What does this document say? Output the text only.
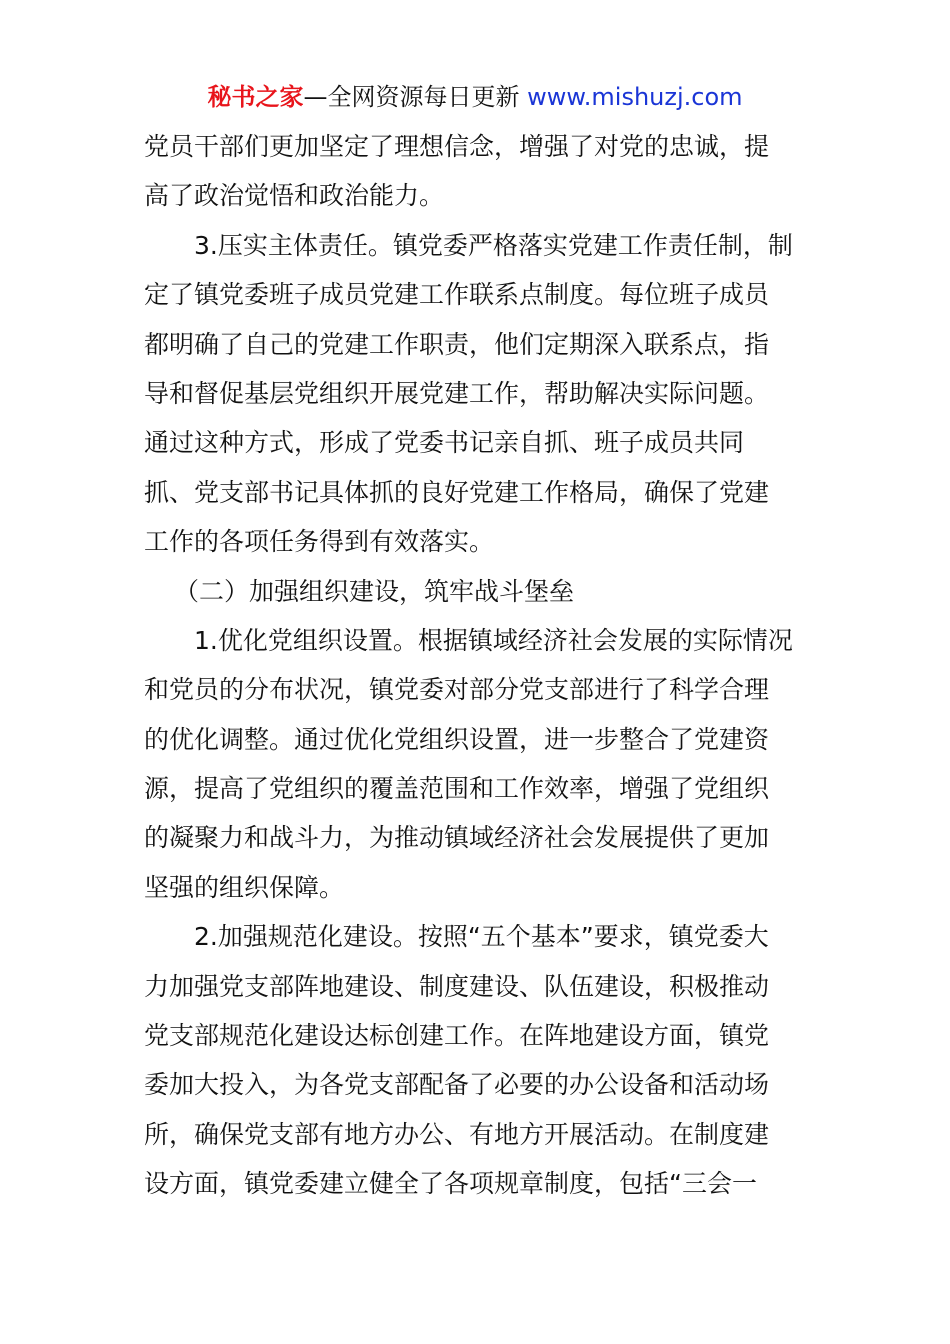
秘书之家—全网资源每日更新 www.mishuzj.com
党员干部们更加坚定了理想信念，增强了对党的忠诚，提
高了政治觉悟和政治能力。
3.压实主体责任。镇党委严格落实党建工作责任制，制
定了镇党委班子成员党建工作联系点制度。每位班子成员
都明确了自己的党建工作职责，他们定期深入联系点，指
导和督促基层党组织开展党建工作，帮助解决实际问题。
通过这种方式，形成了党委书记亲自抓、班子成员共同
抓、党支部书记具体抓的良好党建工作格局，确保了党建
工作的各项任务得到有效落实。
（二）加强组织建设，筑牢战斗堡垒
1.优化党组织设置。根据镇域经济社会发展的实际情况
和党员的分布状况，镇党委对部分党支部进行了科学合理
的优化调整。通过优化党组织设置，进一步整合了党建资
源，提高了党组织的覆盖范围和工作效率，增强了党组织
的凝聚力和战斗力，为推动镇域经济社会发展提供了更加
坚强的组织保障。
2.加强规范化建设。按照“五个基本”要求，镇党委大
力加强党支部阵地建设、制度建设、队伍建设，积极推动
党支部规范化建设达标创建工作。在阵地建设方面，镇党
委加大投入，为各党支部配备了必要的办公设备和活动场
所，确保党支部有地方办公、有地方开展活动。在制度建
设方面，镇党委建立健全了各项规章制度，包括“三会一
